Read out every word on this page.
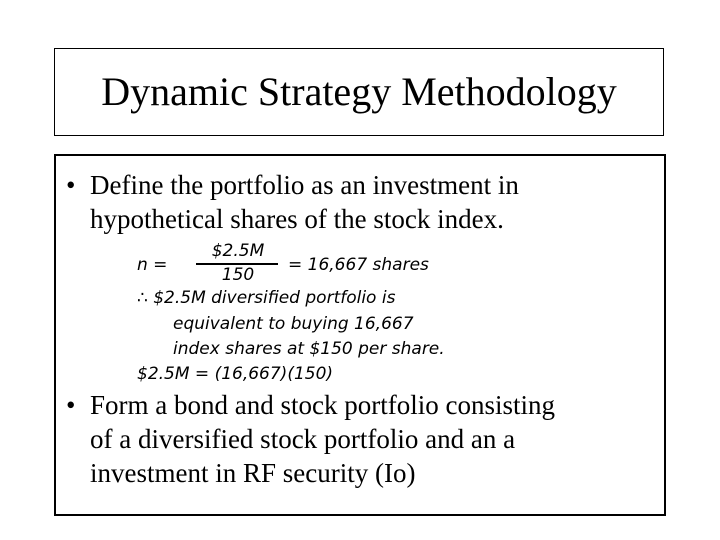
Dynamic Strategy Methodology
• Define the portfolio as an investment in
hypothetical shares of the stock index.
n =
$2.5M
150	= 16,667 shares
∴ $2.5M diversified portfolio is
equivalent to buying 16,667
index shares at $150 per share.
$2.5M = (16,667)(150)
• Form a bond and stock portfolio consisting
of a diversified stock portfolio and an a
investment in RF security (Io)
